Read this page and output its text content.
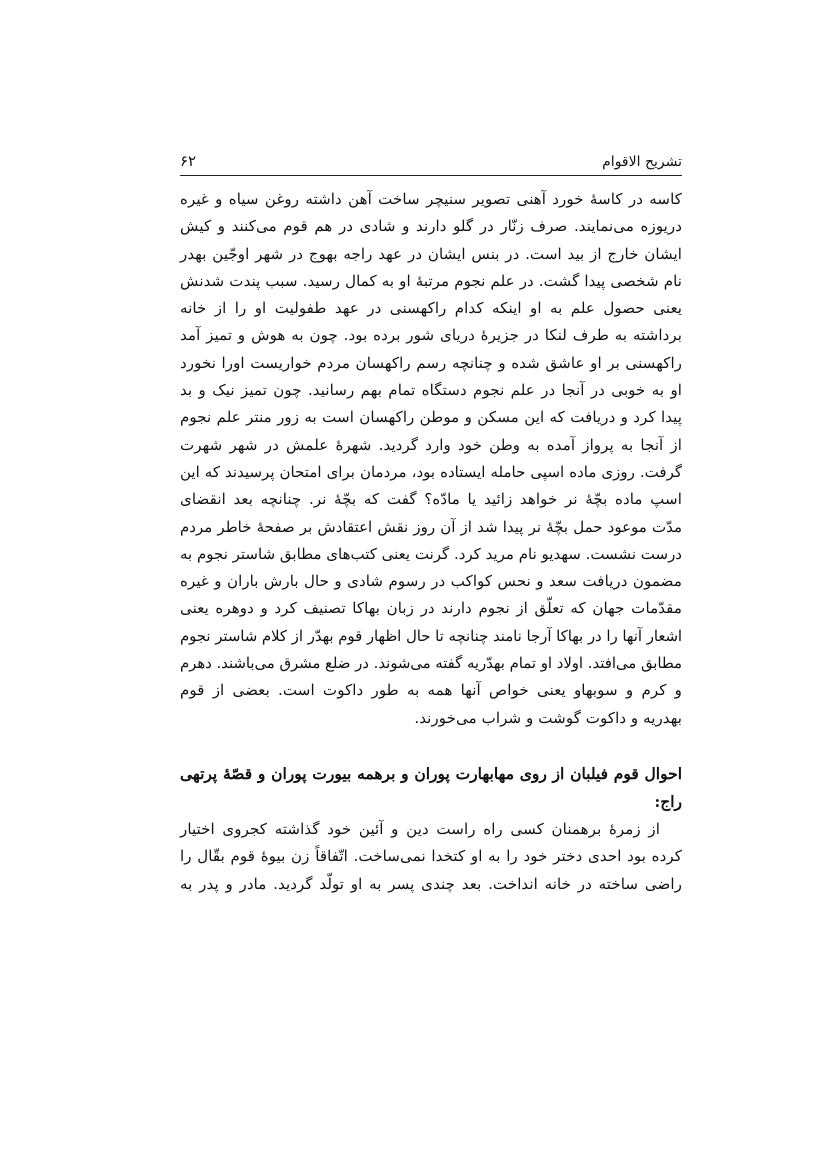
تشریح الاقوام
۶۲
کاسه در کاسهٔ خورد آهنی تصویر سنیچر ساخت آهن داشته روغن سیاه و غیره
دریوزه می‌نمایند. صرف زنّار در گلو دارند و شادی در هم قوم می‌کنند و کیش
ایشان خارج از بید است. در بنس ایشان در عهد راجه بهوج در شهر اوجّین بهدر
نام شخصی پیدا گشت. در علم نجوم مرتبهٔ او به کمال رسید. سبب پندت شدنش
یعنی حصول علم به او اینکه کدام راکهسنی در عهد طفولیت او را از خانه
برداشته به طرف لنکا در جزیرهٔ دریای شور برده بود. چون به هوش و تمیز آمد
راکهسنی بر او عاشق شده و چنانچه رسم راکهسان مردم خواریست اورا نخورد
او به خوبی در آنجا در علم نجوم دستگاه تمام بهم رسانید. چون تمیز نیک و بد
پیدا کرد و دریافت که این مسکن و موطن راکهسان است به زور منتر علم نجوم
از آنجا به پرواز آمده به وطن خود وارد گردید. شهرهٔ علمش در شهر شهرت
گرفت. روزی ماده اسپی حامله ایستاده بود، مردمان برای امتحان پرسیدند که این
اسپ ماده بچّهٔ نر خواهد زائید یا مادّه؟ گفت که بچّهٔ نر. چنانچه بعد انقضای
مدّت موعود حمل بچّهٔ نر پیدا شد از آن روز نقش اعتقادش بر صفحهٔ خاطر مردم
درست نشست. سهدیو نام مرید کرد. گرنت یعنی کتب‌های مطابق شاستر نجوم به
مضمون دریافت سعد و نحس کواکب در رسوم شادی و حال بارش باران و غیره
مقدّمات جهان که تعلّق از نجوم دارند در زبان بهاکا تصنیف کرد و دوهره یعنی
اشعار آنها را در بهاکا آرجا نامند چنانچه تا حال اظهار قوم بهدّر از کلام شاستر نجوم
مطابق می‌افتد. اولاد او تمام بهدّریه گفته می‌شوند. در ضلع مشرق می‌باشند. دهرم
و کرم و سوبهاو یعنی خواص آنها همه به طور داکوت است. بعضی از قوم
بهدریه و داکوت گوشت و شراب می‌خورند.
احوال قوم فیلبان از روی مهابهارت پوران و برهمه بیورت پوران و قصّهٔ پرتهی
راج:
از زمرهٔ برهمنان کسی راه راست دین و آئین خود گذاشته کجروی اختیار
کرده بود احدی دختر خود را به او کتخدا نمی‌ساخت. اتّفاقاً زن بیوهٔ قوم بقّال را
راضی ساخته در خانه انداخت. بعد چندی پسر به او تولّد گردید. مادر و پدر به
